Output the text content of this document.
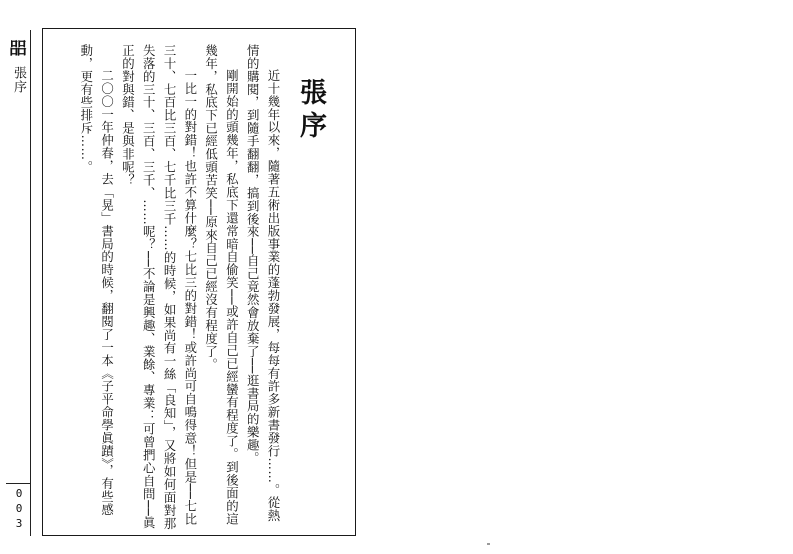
㗊
張序
0
0
3
張序

近十幾年以來，隨著五術出版事業的蓬勃發展，每每有許多新書發行……。從熱情的購閱，到隨手翻翻，搞到後來──自己竟然會放棄了──逛書局的樂趣。

剛開始的頭幾年，私底下還常暗自偷笑──或許自己已經蠻有程度了。到後面的這幾年，私底下已經低頭苦笑──原來自己已經沒有程度了。

一比一的對錯！也許不算什麼？七比三的對錯！或許尚可自鳴得意！但是──七比三十、七百比三百、七千比三千……的時候，如果尚有一絲「良知」，又將如何面對那失落的三十、三百、三千、……呢？──不論是興趣、業餘、專業：可曾捫心自問──眞正的對與錯、是與非呢？

二〇〇一年仲春，去「晃」書局的時候，翻閱了一本《子平命學眞蹟》，有些感動，更有些排斥……。
